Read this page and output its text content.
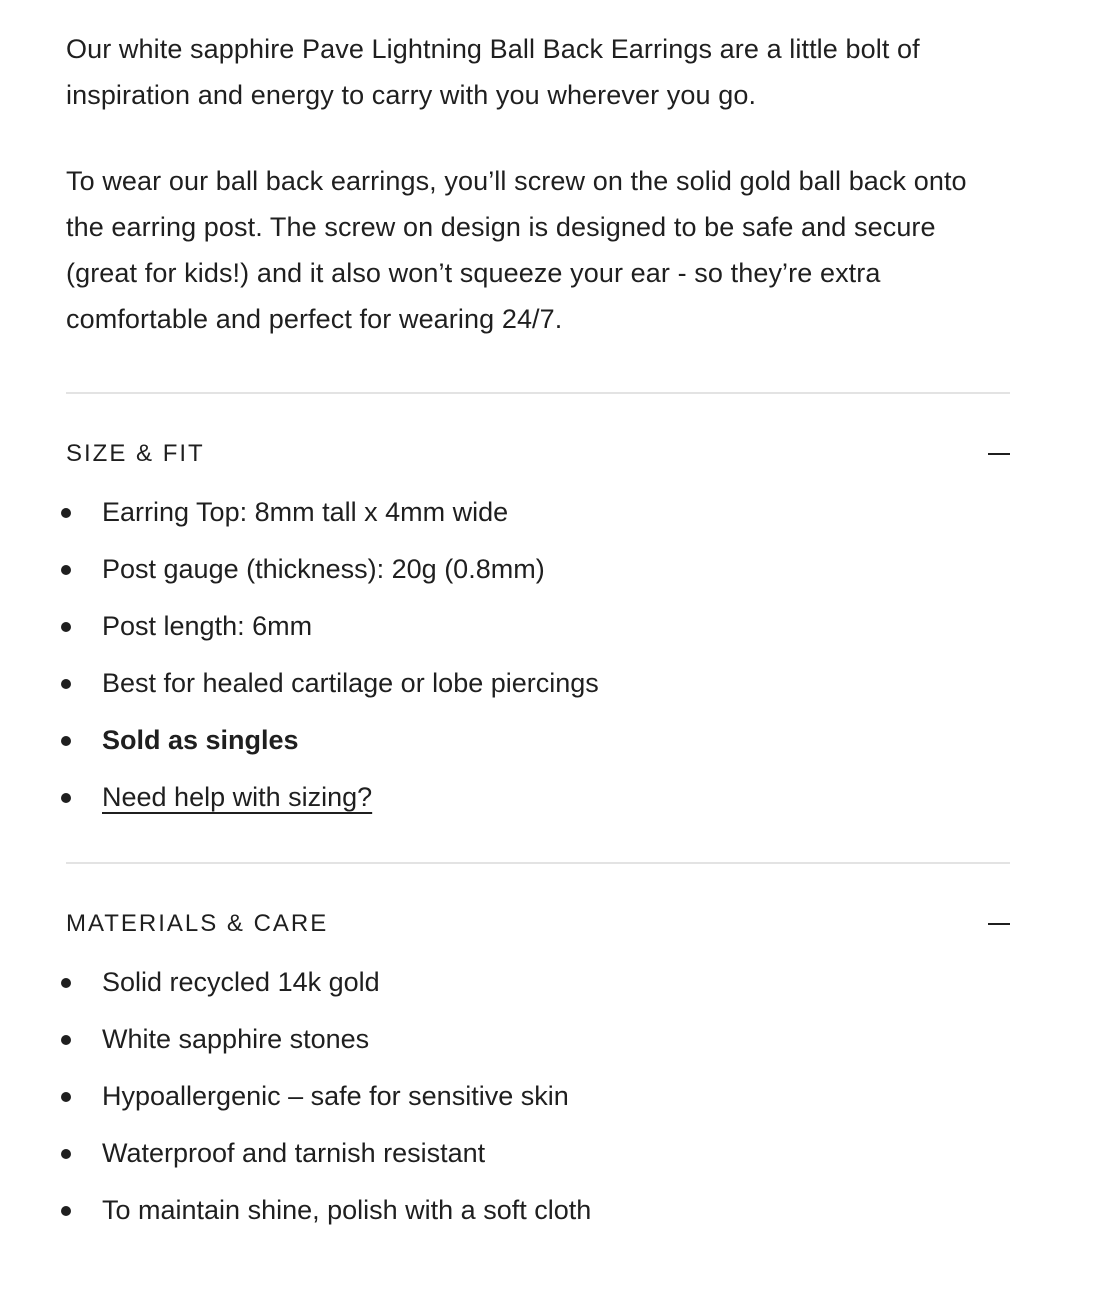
Our white sapphire Pave Lightning Ball Back Earrings are a little bolt of inspiration and energy to carry with you wherever you go.

To wear our ball back earrings, you’ll screw on the solid gold ball back onto the earring post. The screw on design is designed to be safe and secure (great for kids!) and it also won’t squeeze your ear - so they’re extra comfortable and perfect for wearing 24/7.

SIZE & FIT
Earring Top: 8mm tall x 4mm wide
Post gauge (thickness): 20g (0.8mm)
Post length: 6mm
Best for healed cartilage or lobe piercings
Sold as singles
Need help with sizing?
MATERIALS & CARE
Solid recycled 14k gold
White sapphire stones
Hypoallergenic – safe for sensitive skin
Waterproof and tarnish resistant
To maintain shine, polish with a soft cloth
